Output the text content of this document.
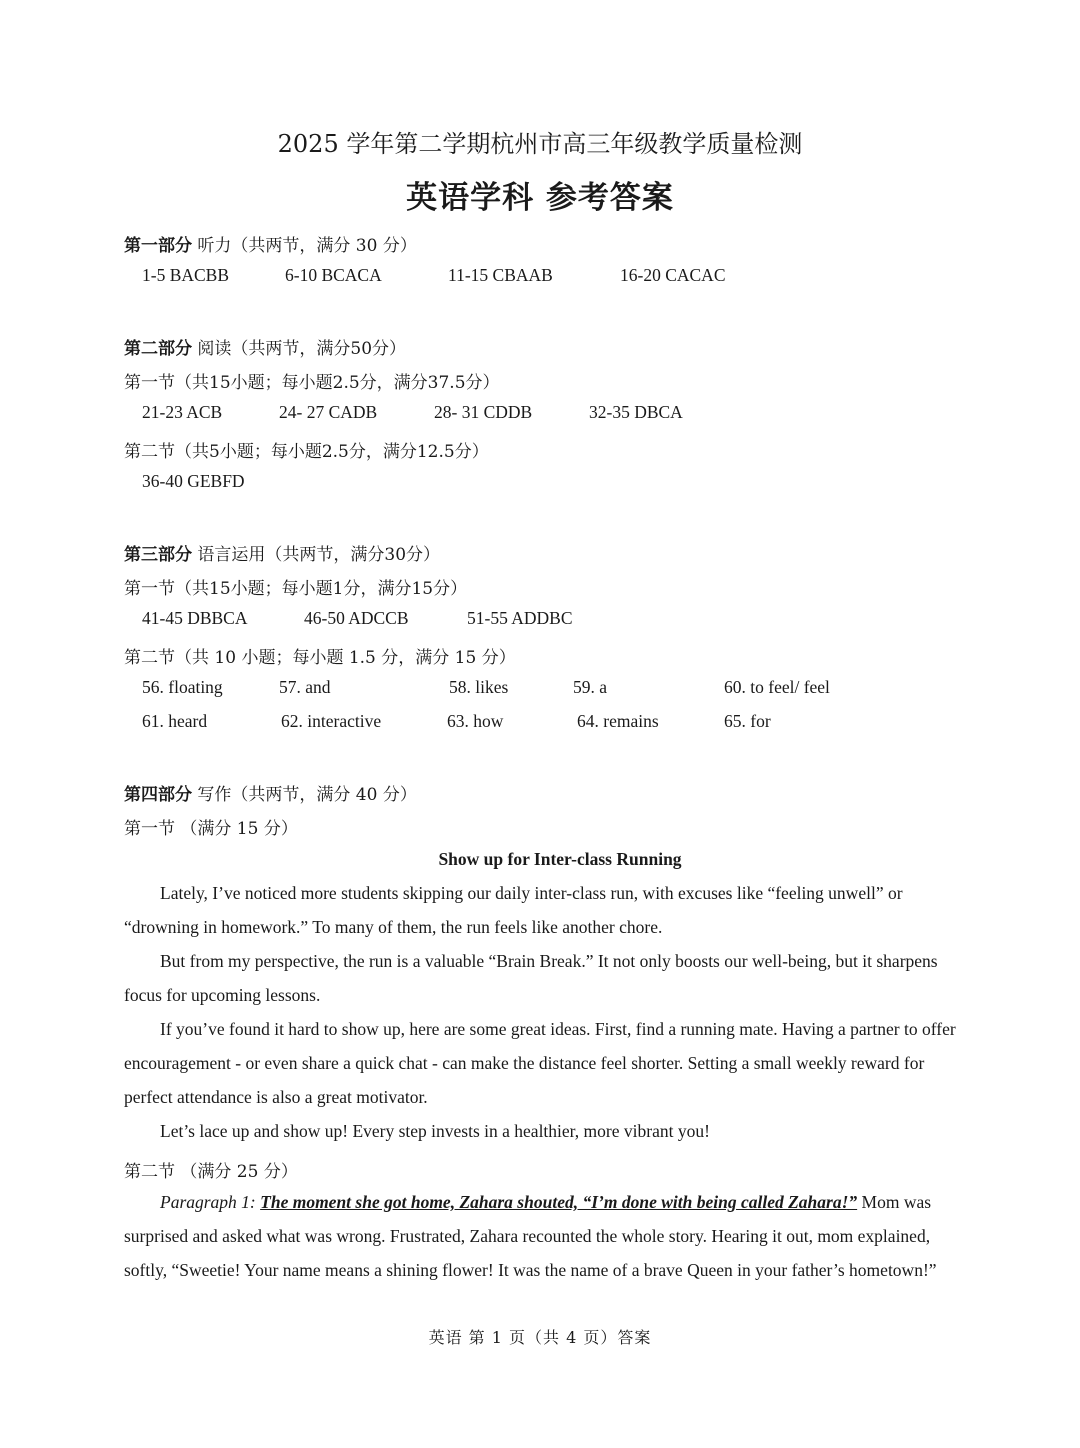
2025 学年第二学期杭州市高三年级教学质量检测
英语学科 参考答案
第一部分 听力（共两节，满分 30 分）
1-5 BACBB	6-10 BCACA	11-15 CBAAB	16-20 CACAC
第二部分 阅读（共两节，满分50分）
第一节（共15小题；每小题2.5分，满分37.5分）
21-23 ACB	24- 27 CADB	28- 31 CDDB	32-35 DBCA
第二节（共5小题；每小题2.5分，满分12.5分）
36-40 GEBFD
第三部分 语言运用（共两节，满分30分）
第一节（共15小题；每小题1分，满分15分）
41-45 DBBCA	46-50 ADCCB	51-55 ADDBC
第二节（共 10 小题；每小题 1.5 分，满分 15 分）
56. floating	57. and	58. likes	59. a	60. to feel/ feel
61. heard	62. interactive	63. how	64. remains	65. for
第四部分 写作（共两节，满分 40 分）
第一节 （满分 15 分）
Show up for Inter-class Running
Lately, I’ve noticed more students skipping our daily inter-class run, with excuses like “feeling unwell” or “drowning in homework.” To many of them, the run feels like another chore.
But from my perspective, the run is a valuable “Brain Break.” It not only boosts our well-being, but it sharpens focus for upcoming lessons.
If you’ve found it hard to show up, here are some great ideas. First, find a running mate. Having a partner to offer encouragement - or even share a quick chat - can make the distance feel shorter. Setting a small weekly reward for perfect attendance is also a great motivator.
Let’s lace up and show up! Every step invests in a healthier, more vibrant you!
第二节 （满分 25 分）
Paragraph 1: The moment she got home, Zahara shouted, “I’m done with being called Zahara!” Mom was surprised and asked what was wrong. Frustrated, Zahara recounted the whole story. Hearing it out, mom explained, softly, “Sweetie! Your name means a shining flower! It was the name of a brave Queen in your father’s hometown!”
英语 第 1 页（共 4 页）答案
